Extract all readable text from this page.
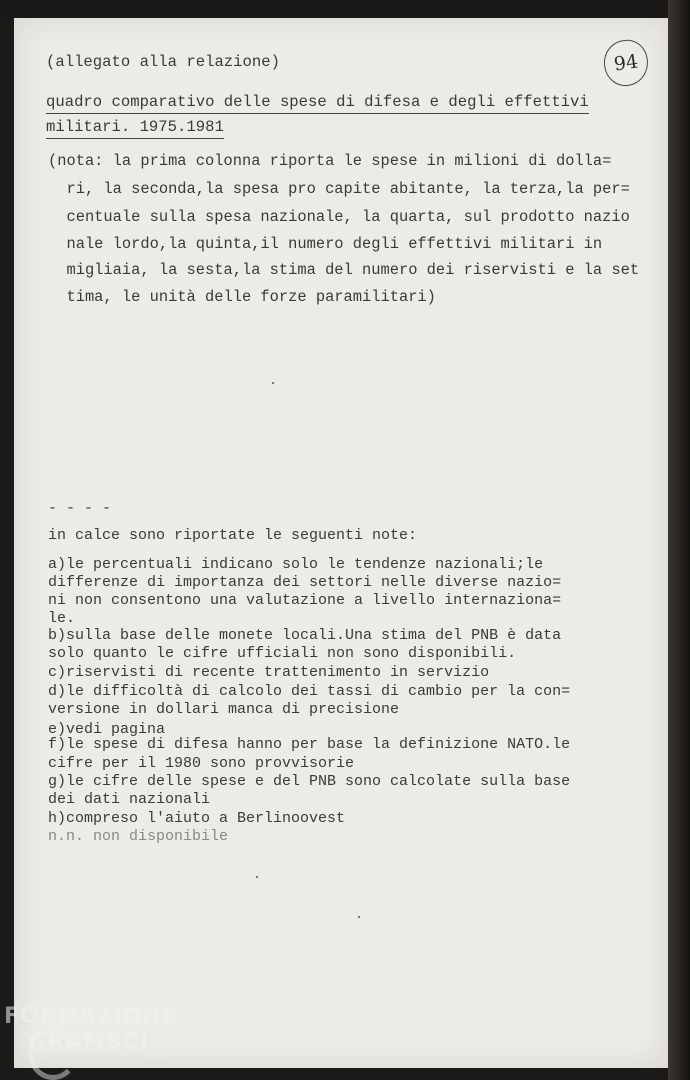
94
(allegato alla relazione)
quadro comparativo delle spese di difesa e degli effettivi
militari. 1975.1981
(nota: la prima colonna riporta le spese in milioni di dolla=
ri, la seconda,la spesa pro capite abitante, la terza,la per=
centuale sulla spesa nazionale, la quarta, sul prodotto nazio
nale lordo,la quinta,il numero degli effettivi militari in
migliaia, la sesta,la stima del numero dei riservisti e la set
tima, le unità delle forze paramilitari)
- - - -
in calce sono riportate le seguenti note:
a)le percentuali indicano solo le tendenze nazionali;le
differenze di importanza dei settori nelle diverse nazio=
ni non consentono una valutazione a livello internaziona=
le.
b)sulla base delle monete locali.Una stima del PNB è data
solo quanto le cifre ufficiali non sono disponibili.
c)riservisti di recente trattenimento in servizio
d)le difficoltà di calcolo dei tassi di cambio per la con=
versione in dollari manca di precisione
e)vedi pagina
f)le spese di difesa hanno per base la definizione NATO.le
cifre per il 1980 sono provvisorie
g)le cifre delle spese e del PNB sono calcolate sulla base
dei dati nazionali
h)compreso l'aiuto a Berlinoovest
n.n. non disponibile
FONDAZIONE
GRAMSCI
onlus
